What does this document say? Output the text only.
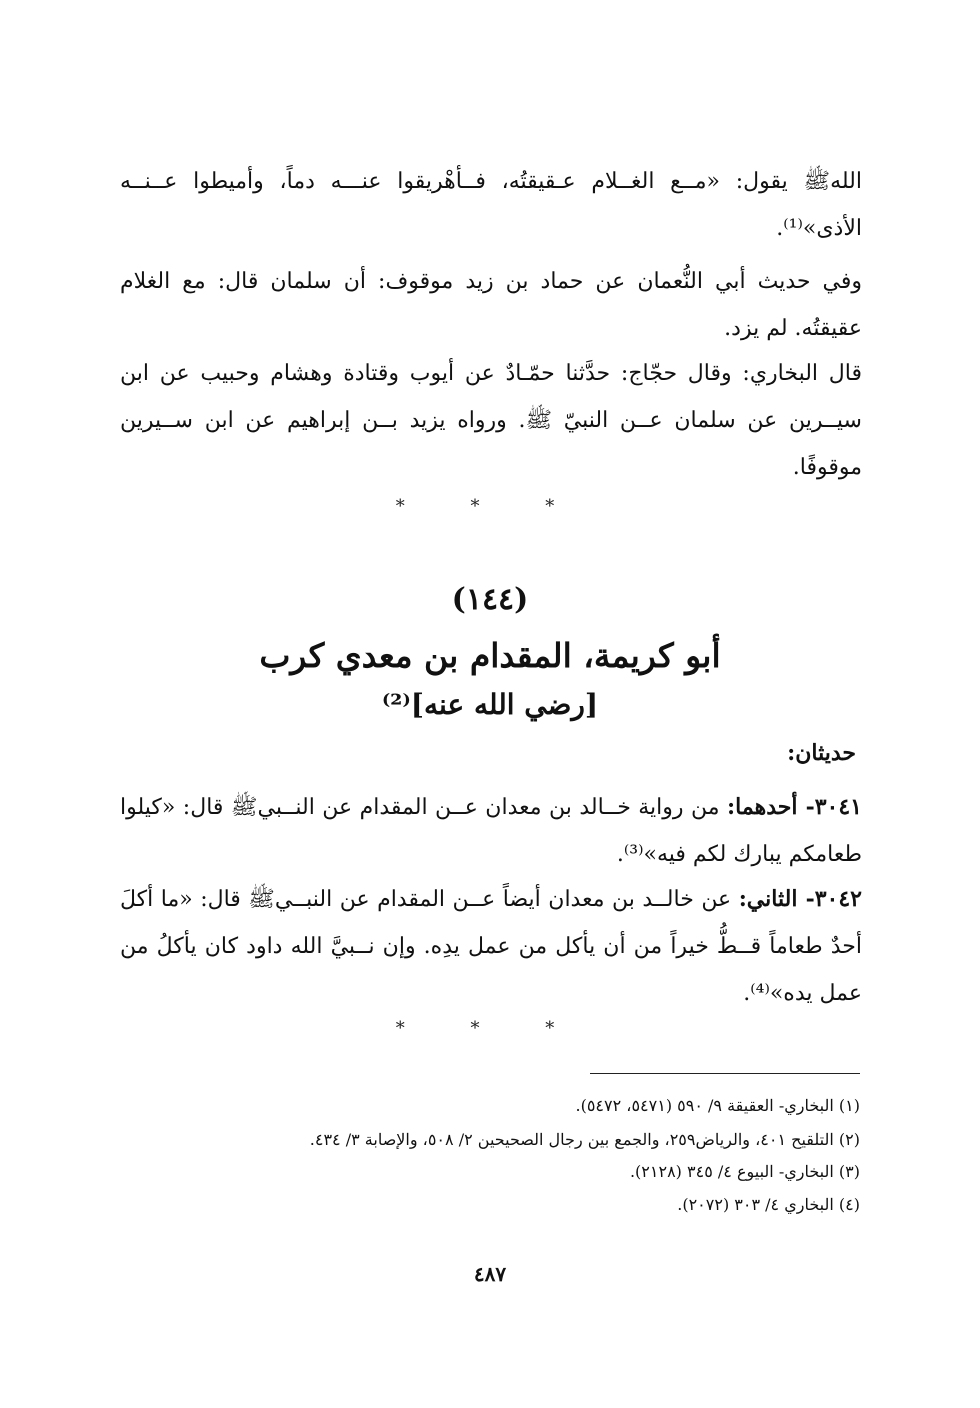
اللهﷺ يقول: «مــع الغــلام عـقيقتُه، فــأهْريقوا عنـــه دماً، وأميطوا عــنــه الأذى»⁽¹⁾.

وفي حديث أبي النُّعمان عن حماد بن زيد موقوف: أن سلمان قال: مع الغلام عقيقتُه. لم يزد.

قال البخاري: وقال حجّاج: حدَّثنا حمّـادٌ عن أيوب وقتادة وهشام وحبيب عن ابن سيــرين عن سلمان عــن النبيّ ﷺ. ورواه يزيد بــن إبراهيم عن ابن ســيرين موقوفًا.

* * *
(١٤٤)
أبو كريمة، المقدام بن معدي كرب
[رضي الله عنه]⁽²⁾
حديثان:

٣٠٤١- أحدهما: من رواية خــالد بن معدان عــن المقدام عن النــبيﷺ قال: «كيلوا طعامكم يبارك لكم فيه»⁽³⁾.

٣٠٤٢- الثاني: عن خالــد بن معدان أيضاً عــن المقدام عن النبــيﷺ قال: «ما أكلَ أحدٌ طعاماً قــطُّ خيراً من أن يأكل من عمل يدِه. وإن نــبيَّ الله داود كان يأكلُ من عمل يده»⁽⁴⁾.

* * *
(١) البخاري- العقيقة ٩/ ٥٩٠ (٥٤٧١، ٥٤٧٢).
(٢) التلقيح ٤٠١، والرياض٢٥٩، والجمع بين رجال الصحيحين ٢/ ٥٠٨، والإصابة ٣/ ٤٣٤.
(٣) البخاري- البيوع ٤/ ٣٤٥ (٢١٢٨).
(٤) البخاري ٤/ ٣٠٣ (٢٠٧٢).
٤٨٧
